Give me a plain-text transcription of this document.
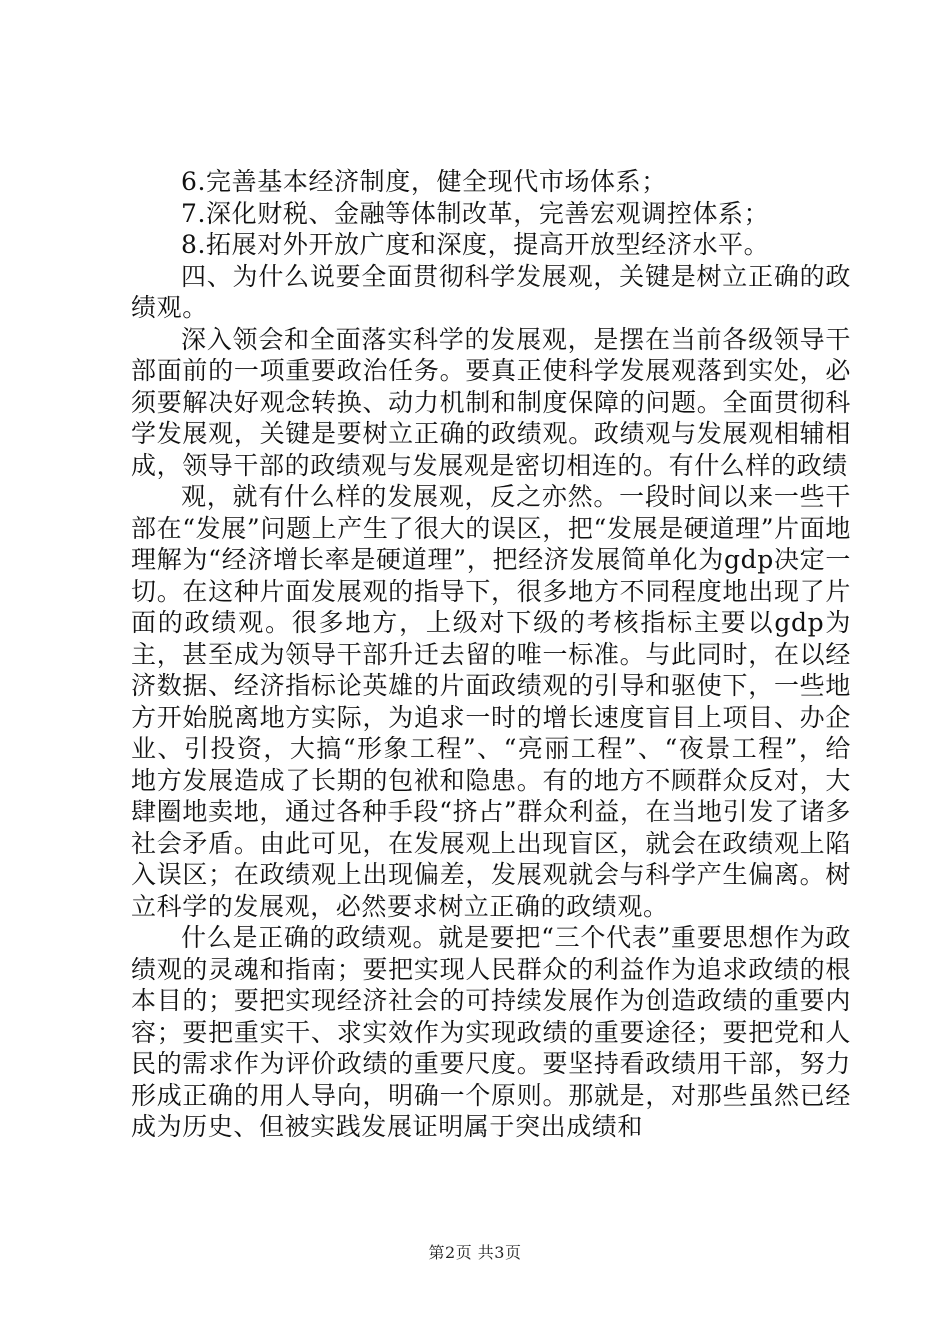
6.完善基本经济制度，健全现代市场体系；

7.深化财税、金融等体制改革，完善宏观调控体系；

8.拓展对外开放广度和深度，提高开放型经济水平。

四、为什么说要全面贯彻科学发展观，关键是树立正确的政绩观。

深入领会和全面落实科学的发展观，是摆在当前各级领导干部面前的一项重要政治任务。要真正使科学发展观落到实处，必须要解决好观念转换、动力机制和制度保障的问题。全面贯彻科学发展观，关键是要树立正确的政绩观。政绩观与发展观相辅相成，领导干部的政绩观与发展观是密切相连的。有什么样的政绩

观，就有什么样的发展观，反之亦然。一段时间以来一些干部在“发展”问题上产生了很大的误区，把“发展是硬道理”片面地理解为“经济增长率是硬道理”，把经济发展简单化为gdp决定一切。在这种片面发展观的指导下，很多地方不同程度地出现了片面的政绩观。很多地方，上级对下级的考核指标主要以gdp为主，甚至成为领导干部升迁去留的唯一标准。与此同时，在以经济数据、经济指标论英雄的片面政绩观的引导和驱使下，一些地方开始脱离地方实际，为追求一时的增长速度盲目上项目、办企业、引投资，大搞“形象工程”、“亮丽工程”、“夜景工程”，给地方发展造成了长期的包袱和隐患。有的地方不顾群众反对，大肆圈地卖地，通过各种手段“挤占”群众利益，在当地引发了诸多社会矛盾。由此可见，在发展观上出现盲区，就会在政绩观上陷入误区；在政绩观上出现偏差，发展观就会与科学产生偏离。树立科学的发展观，必然要求树立正确的政绩观。

什么是正确的政绩观。就是要把“三个代表”重要思想作为政绩观的灵魂和指南；要把实现人民群众的利益作为追求政绩的根本目的；要把实现经济社会的可持续发展作为创造政绩的重要内容；要把重实干、求实效作为实现政绩的重要途径；要把党和人民的需求作为评价政绩的重要尺度。要坚持看政绩用干部，努力形成正确的用人导向，明确一个原则。那就是，对那些虽然已经成为历史、但被实践发展证明属于突出成绩和

第2页 共3页
